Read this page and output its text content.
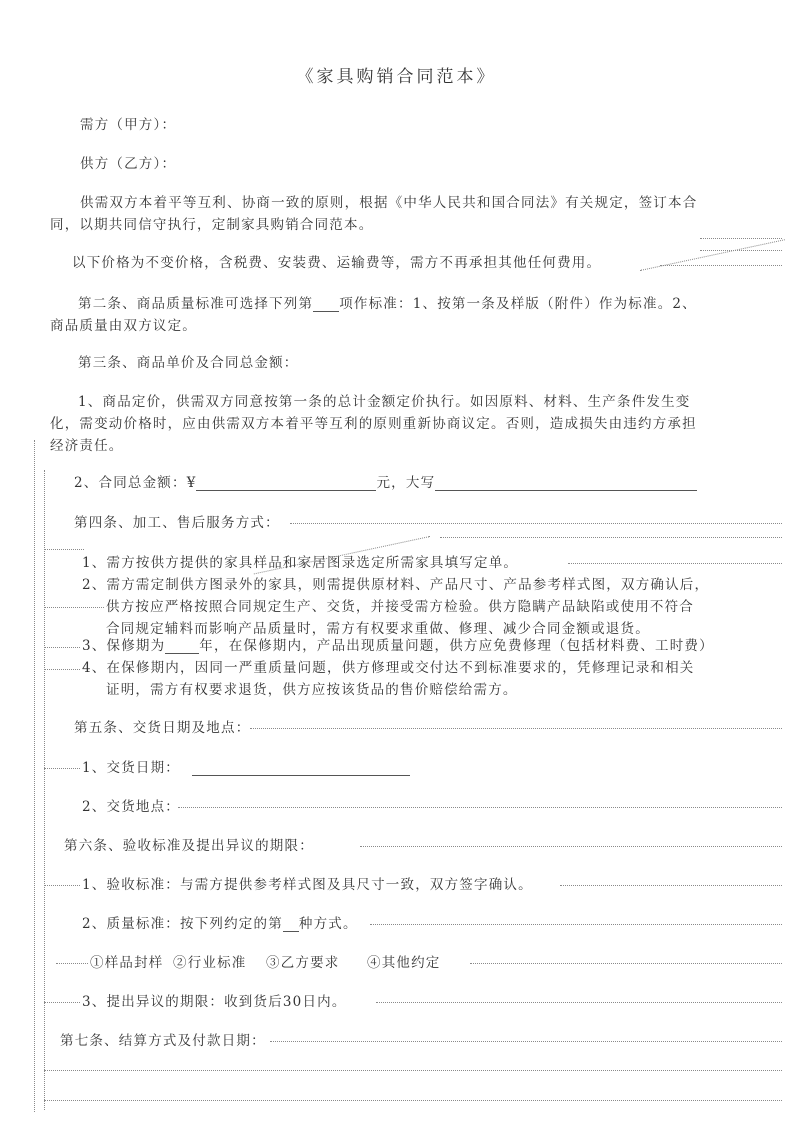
《家具购销合同范本》
需方（甲方）：
供方（乙方）：
供需双方本着平等互利、协商一致的原则，根据《中华人民共和国合同法》有关规定，签订本合
同，以期共同信守执行，定制家具购销合同范本。
以下价格为不变价格，含税费、安装费、运输费等，需方不再承担其他任何费用。
第二条、商品质量标准可选择下列第 项作标准：1、按第一条及样版（附件）作为标准。2、
商品质量由双方议定。
第三条、商品单价及合同总金额：
1、商品定价，供需双方同意按第一条的总计金额定价执行。如因原料、材料、生产条件发生变
化，需变动价格时，应由供需双方本着平等互利的原则重新协商议定。否则，造成损失由违约方承担
经济责任。
2、合同总金额：¥	元，大写
第四条、加工、售后服务方式：
1、需方按供方提供的家具样品和家居图录选定所需家具填写定单。
2、需方需定制供方图录外的家具，则需提供原材料、产品尺寸、产品参考样式图，双方确认后，
供方按应严格按照合同规定生产、交货，并接受需方检验。供方隐瞒产品缺陷或使用不符合
合同规定辅料而影响产品质量时，需方有权要求重做、修理、减少合同金额或退货。
3、保修期为	年，在保修期内，产品出现质量问题，供方应免费修理（包括材料费、工时费）
4、在保修期内，因同一严重质量问题，供方修理或交付达不到标准要求的，凭修理记录和相关
证明，需方有权要求退货，供方应按该货品的售价赔偿给需方。
第五条、交货日期及地点：
1、交货日期：
2、交货地点：
第六条、验收标准及提出异议的期限：
1、验收标准：与需方提供参考样式图及具尺寸一致，双方签字确认。
2、质量标准：按下列约定的第 种方式。
①样品封样 ②行业标准 ③乙方要求 ④其他约定
3、提出异议的期限：收到货后30日内。
第七条、结算方式及付款日期：
